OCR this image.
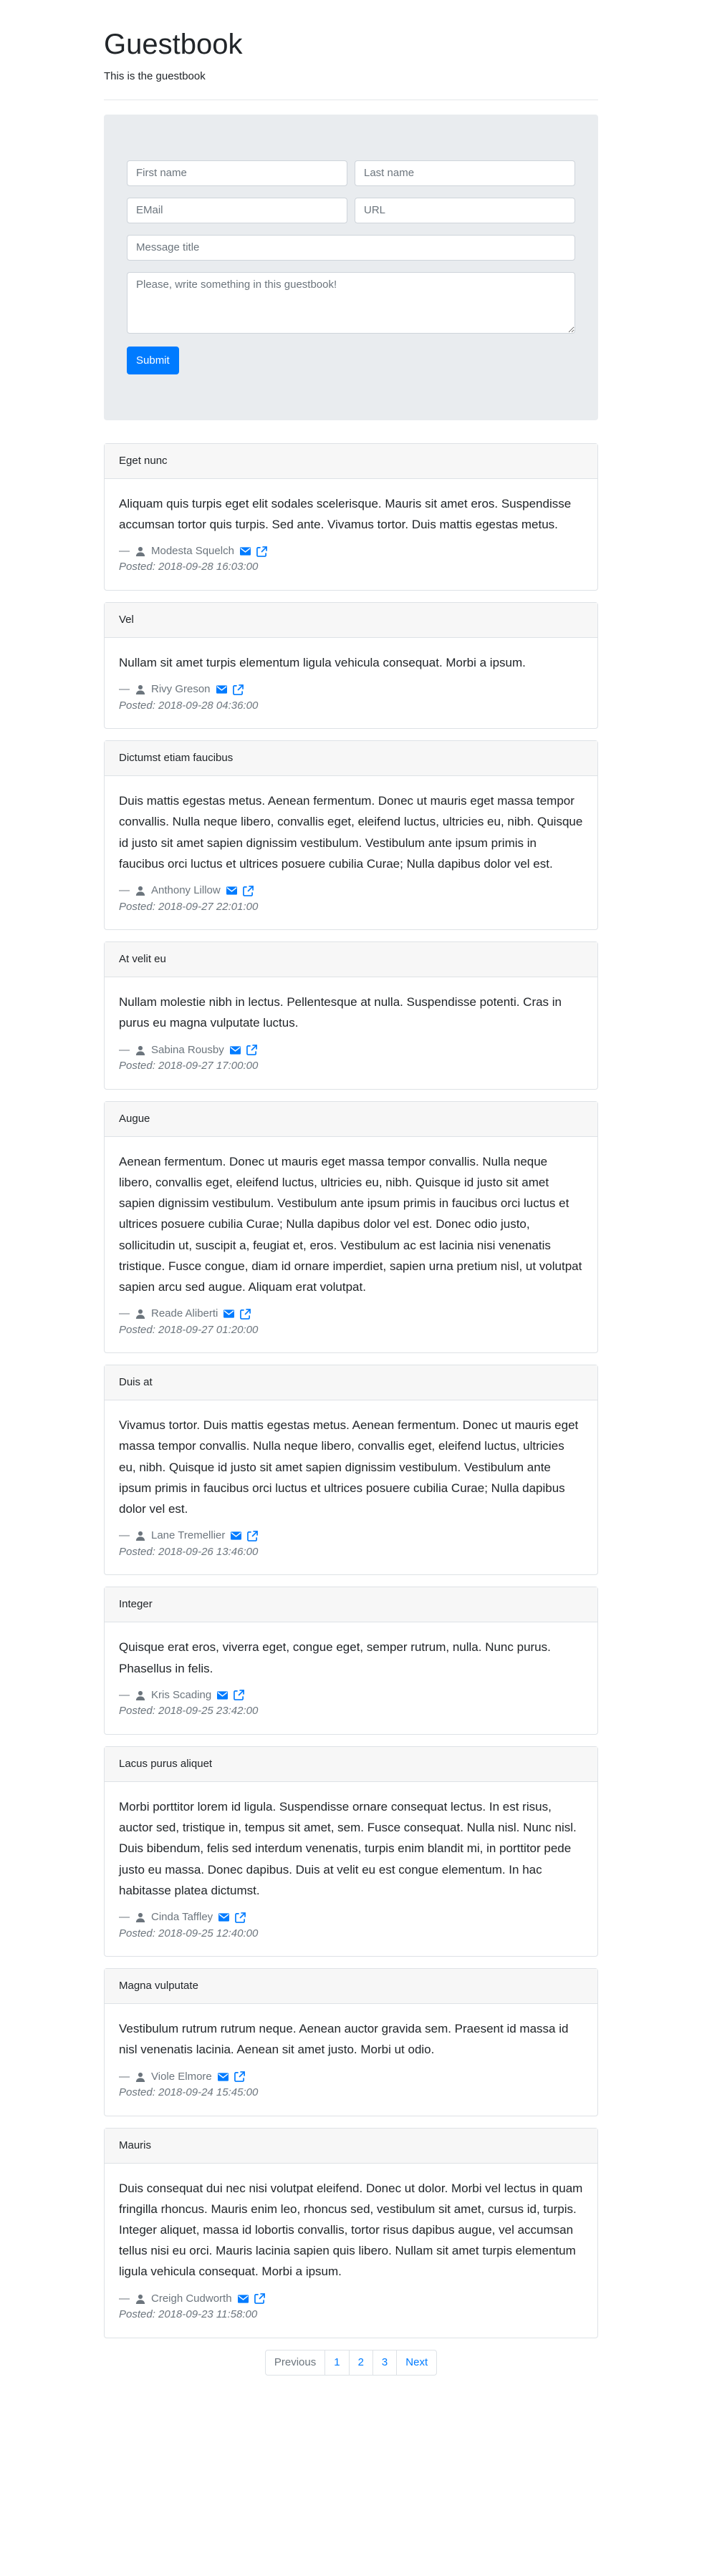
Guestbook

This is the guestbook

First name
Last name
EMail
URL
Message title
Please, write something in this guestbook!
Submit
Eget nunc

Aliquam quis turpis eget elit sodales scelerisque. Mauris sit amet eros. Suspendisse accumsan tortor quis turpis. Sed ante. Vivamus tortor. Duis mattis egestas metus.

— Modesta Squelch
Posted: 2018-09-28 16:03:00
Vel

Nullam sit amet turpis elementum ligula vehicula consequat. Morbi a ipsum.

— Rivy Greson
Posted: 2018-09-28 04:36:00
Dictumst etiam faucibus

Duis mattis egestas metus. Aenean fermentum. Donec ut mauris eget massa tempor convallis. Nulla neque libero, convallis eget, eleifend luctus, ultricies eu, nibh. Quisque id justo sit amet sapien dignissim vestibulum. Vestibulum ante ipsum primis in faucibus orci luctus et ultrices posuere cubilia Curae; Nulla dapibus dolor vel est.

— Anthony Lillow
Posted: 2018-09-27 22:01:00
At velit eu

Nullam molestie nibh in lectus. Pellentesque at nulla. Suspendisse potenti. Cras in purus eu magna vulputate luctus.

— Sabina Rousby
Posted: 2018-09-27 17:00:00
Augue

Aenean fermentum. Donec ut mauris eget massa tempor convallis. Nulla neque libero, convallis eget, eleifend luctus, ultricies eu, nibh. Quisque id justo sit amet sapien dignissim vestibulum. Vestibulum ante ipsum primis in faucibus orci luctus et ultrices posuere cubilia Curae; Nulla dapibus dolor vel est. Donec odio justo, sollicitudin ut, suscipit a, feugiat et, eros. Vestibulum ac est lacinia nisi venenatis tristique. Fusce congue, diam id ornare imperdiet, sapien urna pretium nisl, ut volutpat sapien arcu sed augue. Aliquam erat volutpat.

— Reade Aliberti
Posted: 2018-09-27 01:20:00
Duis at

Vivamus tortor. Duis mattis egestas metus. Aenean fermentum. Donec ut mauris eget massa tempor convallis. Nulla neque libero, convallis eget, eleifend luctus, ultricies eu, nibh. Quisque id justo sit amet sapien dignissim vestibulum. Vestibulum ante ipsum primis in faucibus orci luctus et ultrices posuere cubilia Curae; Nulla dapibus dolor vel est.

— Lane Tremellier
Posted: 2018-09-26 13:46:00
Integer

Quisque erat eros, viverra eget, congue eget, semper rutrum, nulla. Nunc purus. Phasellus in felis.

— Kris Scading
Posted: 2018-09-25 23:42:00
Lacus purus aliquet

Morbi porttitor lorem id ligula. Suspendisse ornare consequat lectus. In est risus, auctor sed, tristique in, tempus sit amet, sem. Fusce consequat. Nulla nisl. Nunc nisl. Duis bibendum, felis sed interdum venenatis, turpis enim blandit mi, in porttitor pede justo eu massa. Donec dapibus. Duis at velit eu est congue elementum. In hac habitasse platea dictumst.

— Cinda Taffley
Posted: 2018-09-25 12:40:00
Magna vulputate

Vestibulum rutrum rutrum neque. Aenean auctor gravida sem. Praesent id massa id nisl venenatis lacinia. Aenean sit amet justo. Morbi ut odio.

— Viole Elmore
Posted: 2018-09-24 15:45:00
Mauris

Duis consequat dui nec nisi volutpat eleifend. Donec ut dolor. Morbi vel lectus in quam fringilla rhoncus. Mauris enim leo, rhoncus sed, vestibulum sit amet, cursus id, turpis. Integer aliquet, massa id lobortis convallis, tortor risus dapibus augue, vel accumsan tellus nisi eu orci. Mauris lacinia sapien quis libero. Nullam sit amet turpis elementum ligula vehicula consequat. Morbi a ipsum.

— Creigh Cudworth
Posted: 2018-09-23 11:58:00
Previous	1	2	3	Next
